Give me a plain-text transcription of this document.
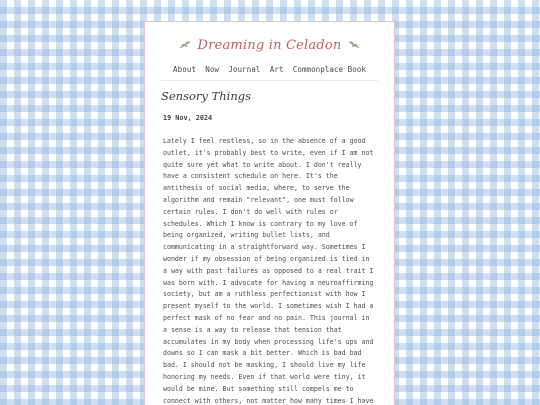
Dreaming in Celadon
About Now Journal Art Commonplace Book
Sensory Things
19 Nov, 2024
Lately I feel restless, so in the absence of a good
outlet, it's probably best to write, even if I am not
quite sure yet what to write about. I don't really
have a consistent schedule on here. It's the
antithesis of social media, where, to serve the
algorithm and remain "relevant", one must follow
certain rules. I don't do well with rules or
schedules. Which I know is contrary to my love of
being organized, writing bullet lists, and
communicating in a straightforward way. Sometimes I
wonder if my obsession of being organized is tied in
a way with past failures as opposed to a real trait I
was born with. I advocate for having a neuroaffirming
society, but am a ruthless perfectionist with how I
present myself to the world. I sometimes wish I had a
perfect mask of no fear and no pain. This journal in
a sense is a way to release that tension that
accumulates in my body when processing life's ups and
downs so I can mask a bit better. Which is bad bad
bad. I should not be masking, I should live my life
honoring my needs. Even if that world were tiny, it
would be mine. But something still compels me to
connect with others, not matter how many times I have
